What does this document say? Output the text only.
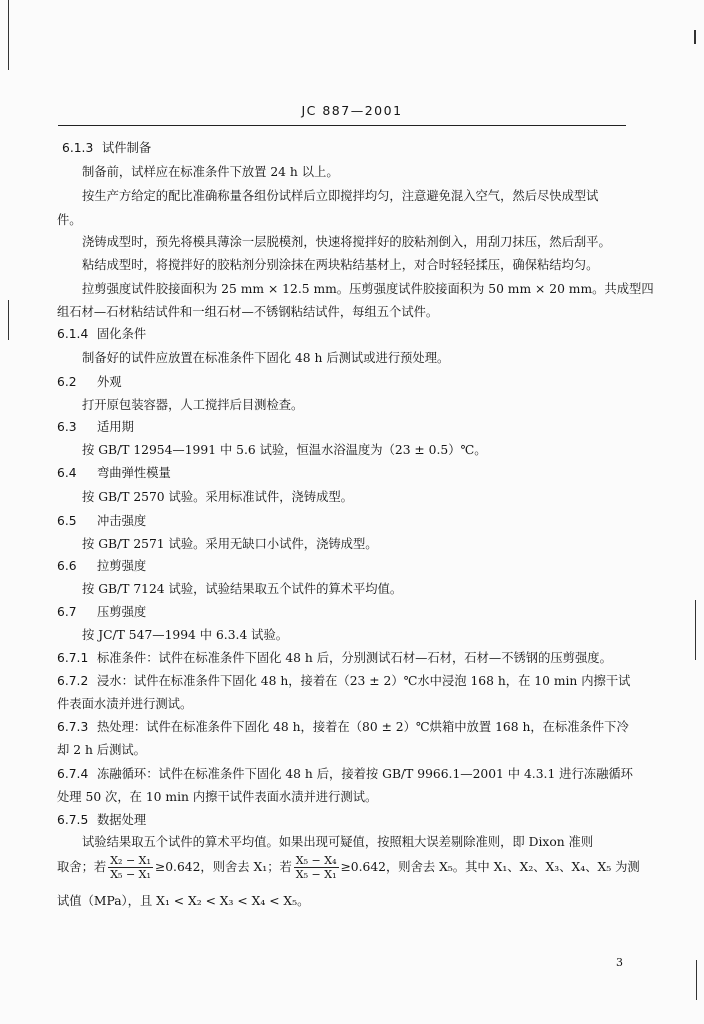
JC 887—2001
6.1.3 试件制备
制备前，试样应在标准条件下放置 24 h 以上。
按生产方给定的配比准确称量各组份试样后立即搅拌均匀，注意避免混入空气，然后尽快成型试
件。
浇铸成型时，预先将模具薄涂一层脱模剂，快速将搅拌好的胶粘剂倒入，用刮刀抹压，然后刮平。
粘结成型时，将搅拌好的胶粘剂分别涂抹在两块粘结基材上，对合时轻轻揉压，确保粘结均匀。
拉剪强度试件胶接面积为 25 mm × 12.5 mm。压剪强度试件胶接面积为 50 mm × 20 mm。共成型四
组石材—石材粘结试件和一组石材—不锈钢粘结试件，每组五个试件。
6.1.4 固化条件
制备好的试件应放置在标准条件下固化 48 h 后测试或进行预处理。
6.2 外观
打开原包装容器，人工搅拌后目测检查。
6.3 适用期
按 GB/T 12954—1991 中 5.6 试验，恒温水浴温度为（23 ± 0.5）℃。
6.4 弯曲弹性模量
按 GB/T 2570 试验。采用标准试件，浇铸成型。
6.5 冲击强度
按 GB/T 2571 试验。采用无缺口小试件，浇铸成型。
6.6 拉剪强度
按 GB/T 7124 试验，试验结果取五个试件的算术平均值。
6.7 压剪强度
按 JC/T 547—1994 中 6.3.4 试验。
6.7.1 标准条件：试件在标准条件下固化 48 h 后，分别测试石材—石材，石材—不锈钢的压剪强度。
6.7.2 浸水：试件在标准条件下固化 48 h，接着在（23 ± 2）℃水中浸泡 168 h，在 10 min 内擦干试
件表面水渍并进行测试。
6.7.3 热处理：试件在标准条件下固化 48 h，接着在（80 ± 2）℃烘箱中放置 168 h，在标准条件下冷
却 2 h 后测试。
6.7.4 冻融循环：试件在标准条件下固化 48 h 后，接着按 GB/T 9966.1—2001 中 4.3.1 进行冻融循环
处理 50 次，在 10 min 内擦干试件表面水渍并进行测试。
6.7.5 数据处理
试验结果取五个试件的算术平均值。如果出现可疑值，按照粗大误差剔除准则，即 Dixon 准则
取舍；若 $\frac{\text{X₂ − X₁}}{\text{X₅ − X₁}} \ge 0.642$，则舍去 X₁；若 $\frac{\text{X₅ − X₄}}{\text{X₅ − X₁}} \ge 0.642$，则舍去 X₅。其中 X₁、X₂、X₃、X₄、X₅ 为测
试值（MPa），且 X₁ < X₂ < X₃ < X₄ < X₅。
3
